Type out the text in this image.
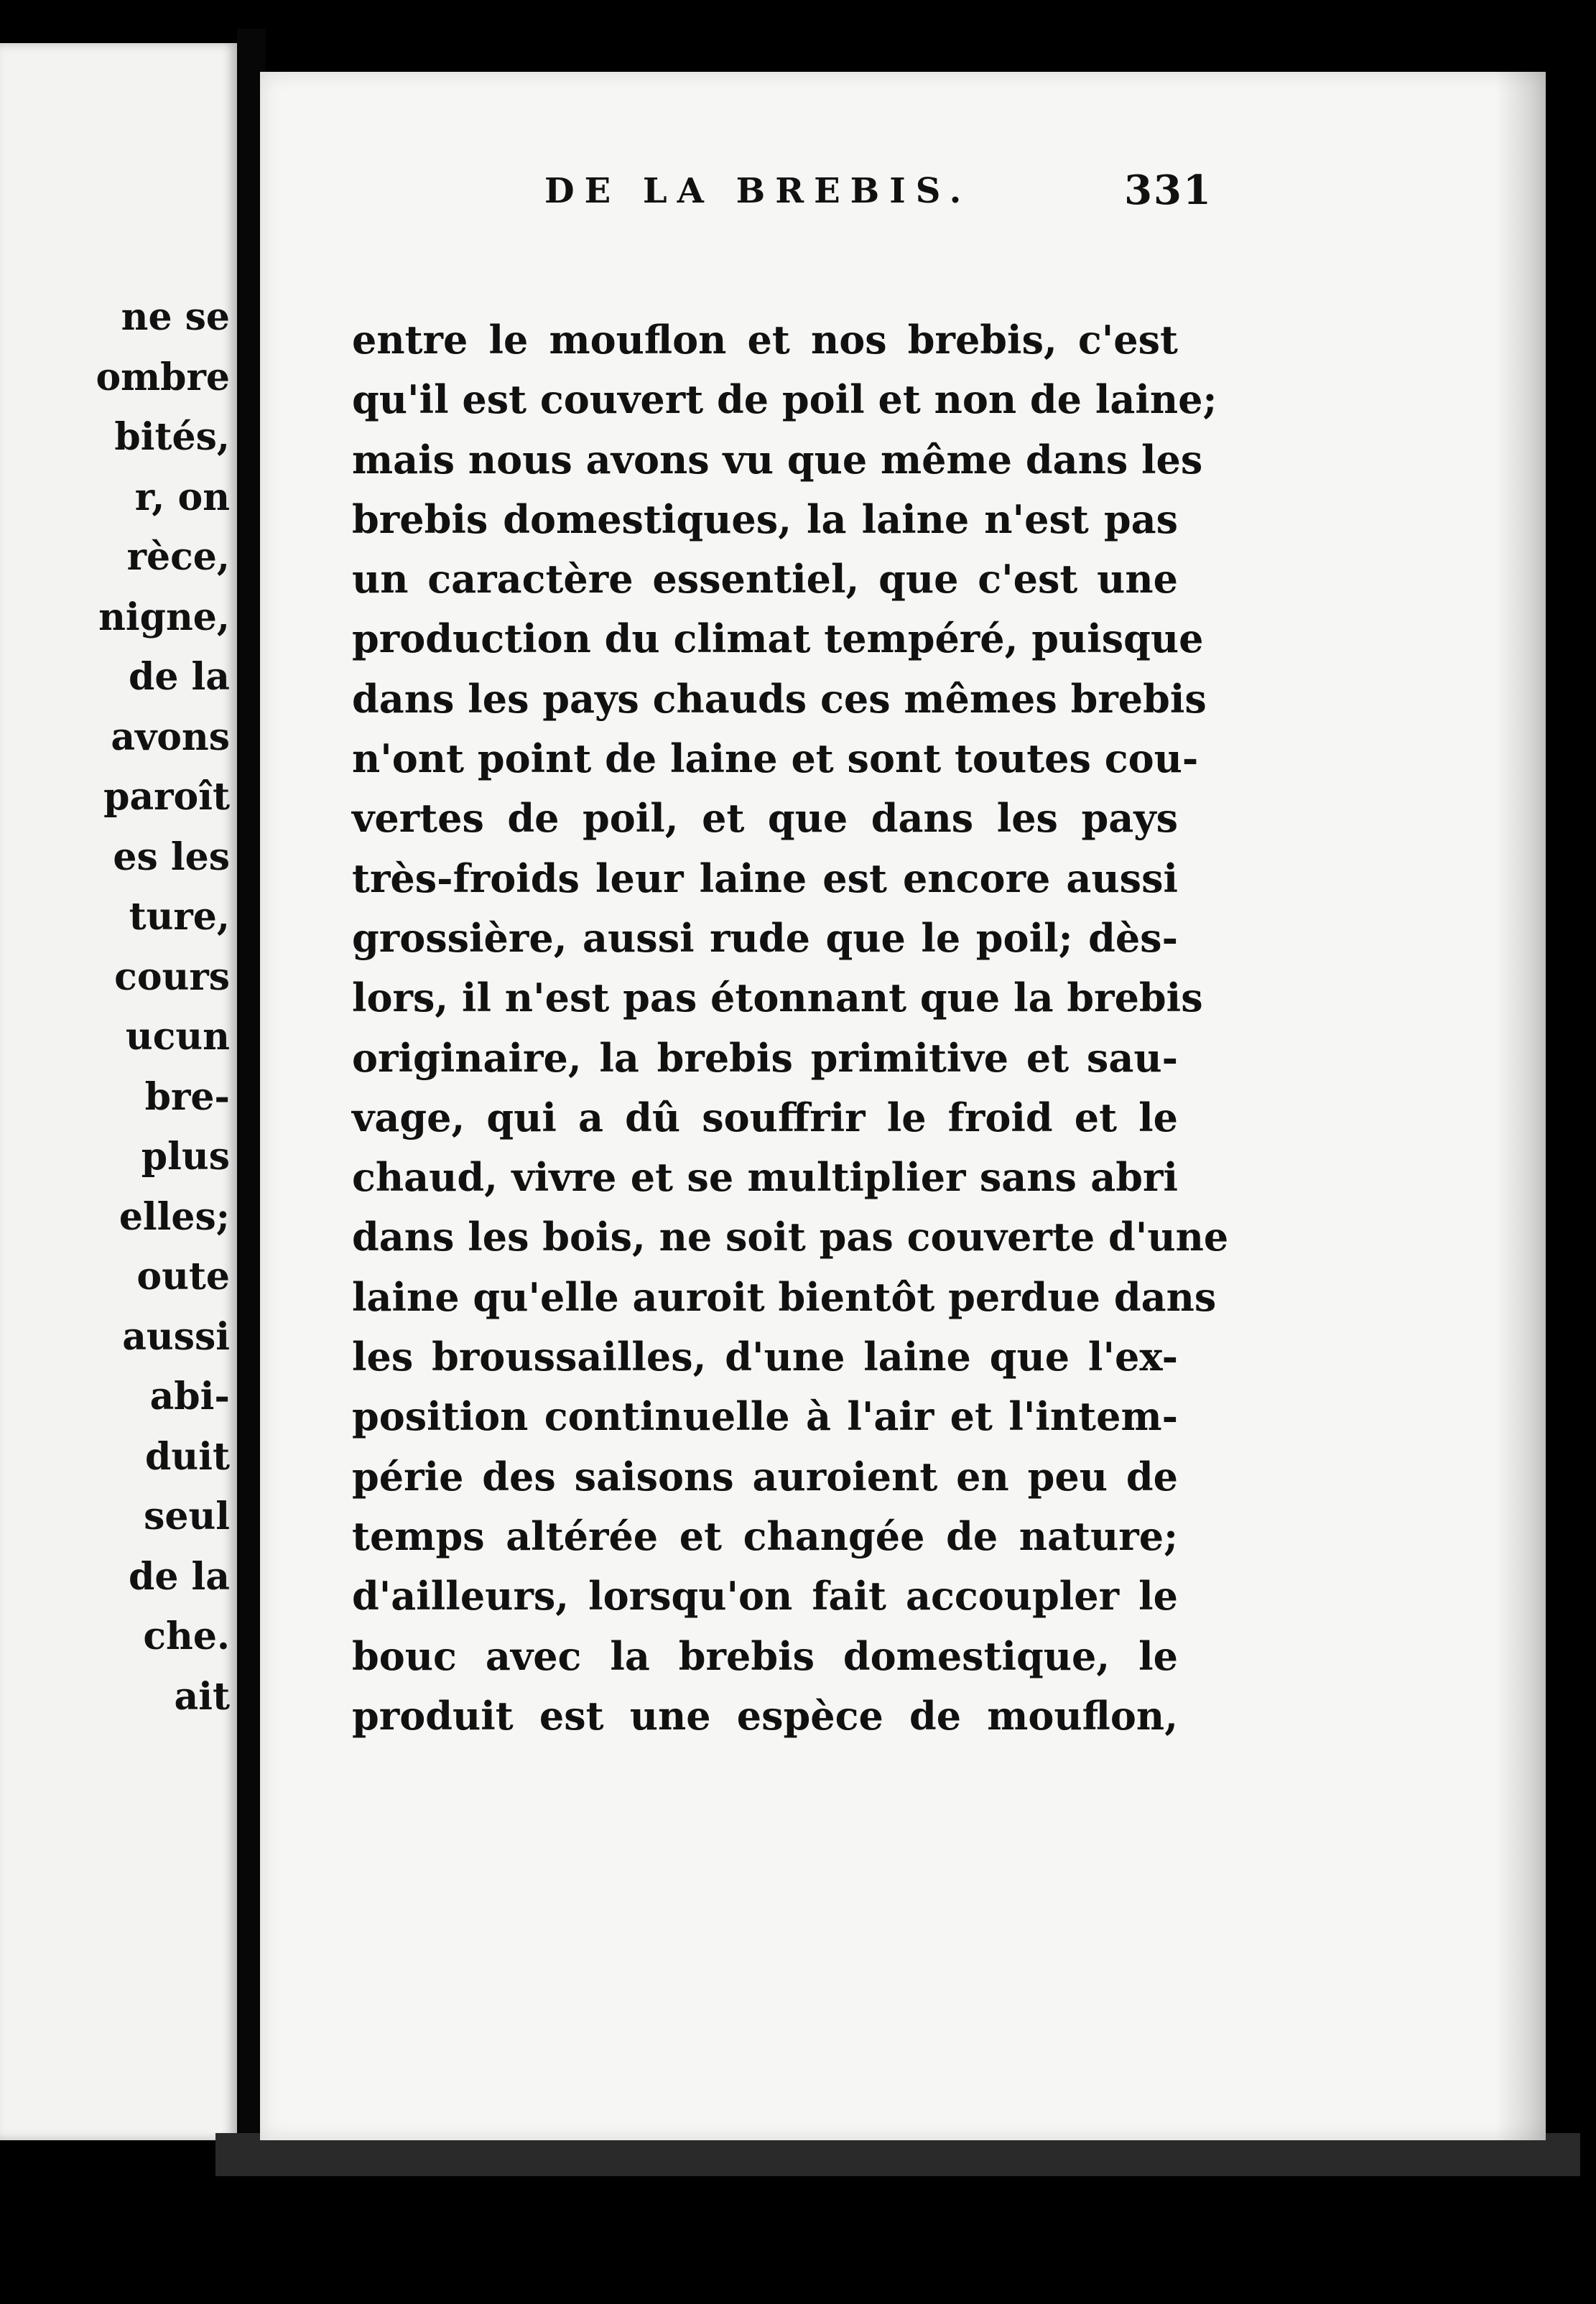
ne se
ombre
bités,
r, on
rèce,
nigne,
de la
avons
paroît
es les
ture,
cours
ucun
bre-
plus
elles;
oute
aussi
abi-
duit
seul
de la
che.
ait
DE LA BREBIS.	331
entre le mouflon et nos brebis, c'est
qu'il est couvert de poil et non de laine;
mais nous avons vu que même dans les
brebis domestiques, la laine n'est pas
un caractère essentiel, que c'est une
production du climat tempéré, puisque
dans les pays chauds ces mêmes brebis
n'ont point de laine et sont toutes cou-
vertes de poil, et que dans les pays
très-froids leur laine est encore aussi
grossière, aussi rude que le poil; dès-
lors, il n'est pas étonnant que la brebis
originaire, la brebis primitive et sau-
vage, qui a dû souffrir le froid et le
chaud, vivre et se multiplier sans abri
dans les bois, ne soit pas couverte d'une
laine qu'elle auroit bientôt perdue dans
les broussailles, d'une laine que l'ex-
position continuelle à l'air et l'intem-
périe des saisons auroient en peu de
temps altérée et changée de nature;
d'ailleurs, lorsqu'on fait accoupler le
bouc avec la brebis domestique, le
produit est une espèce de mouflon,
